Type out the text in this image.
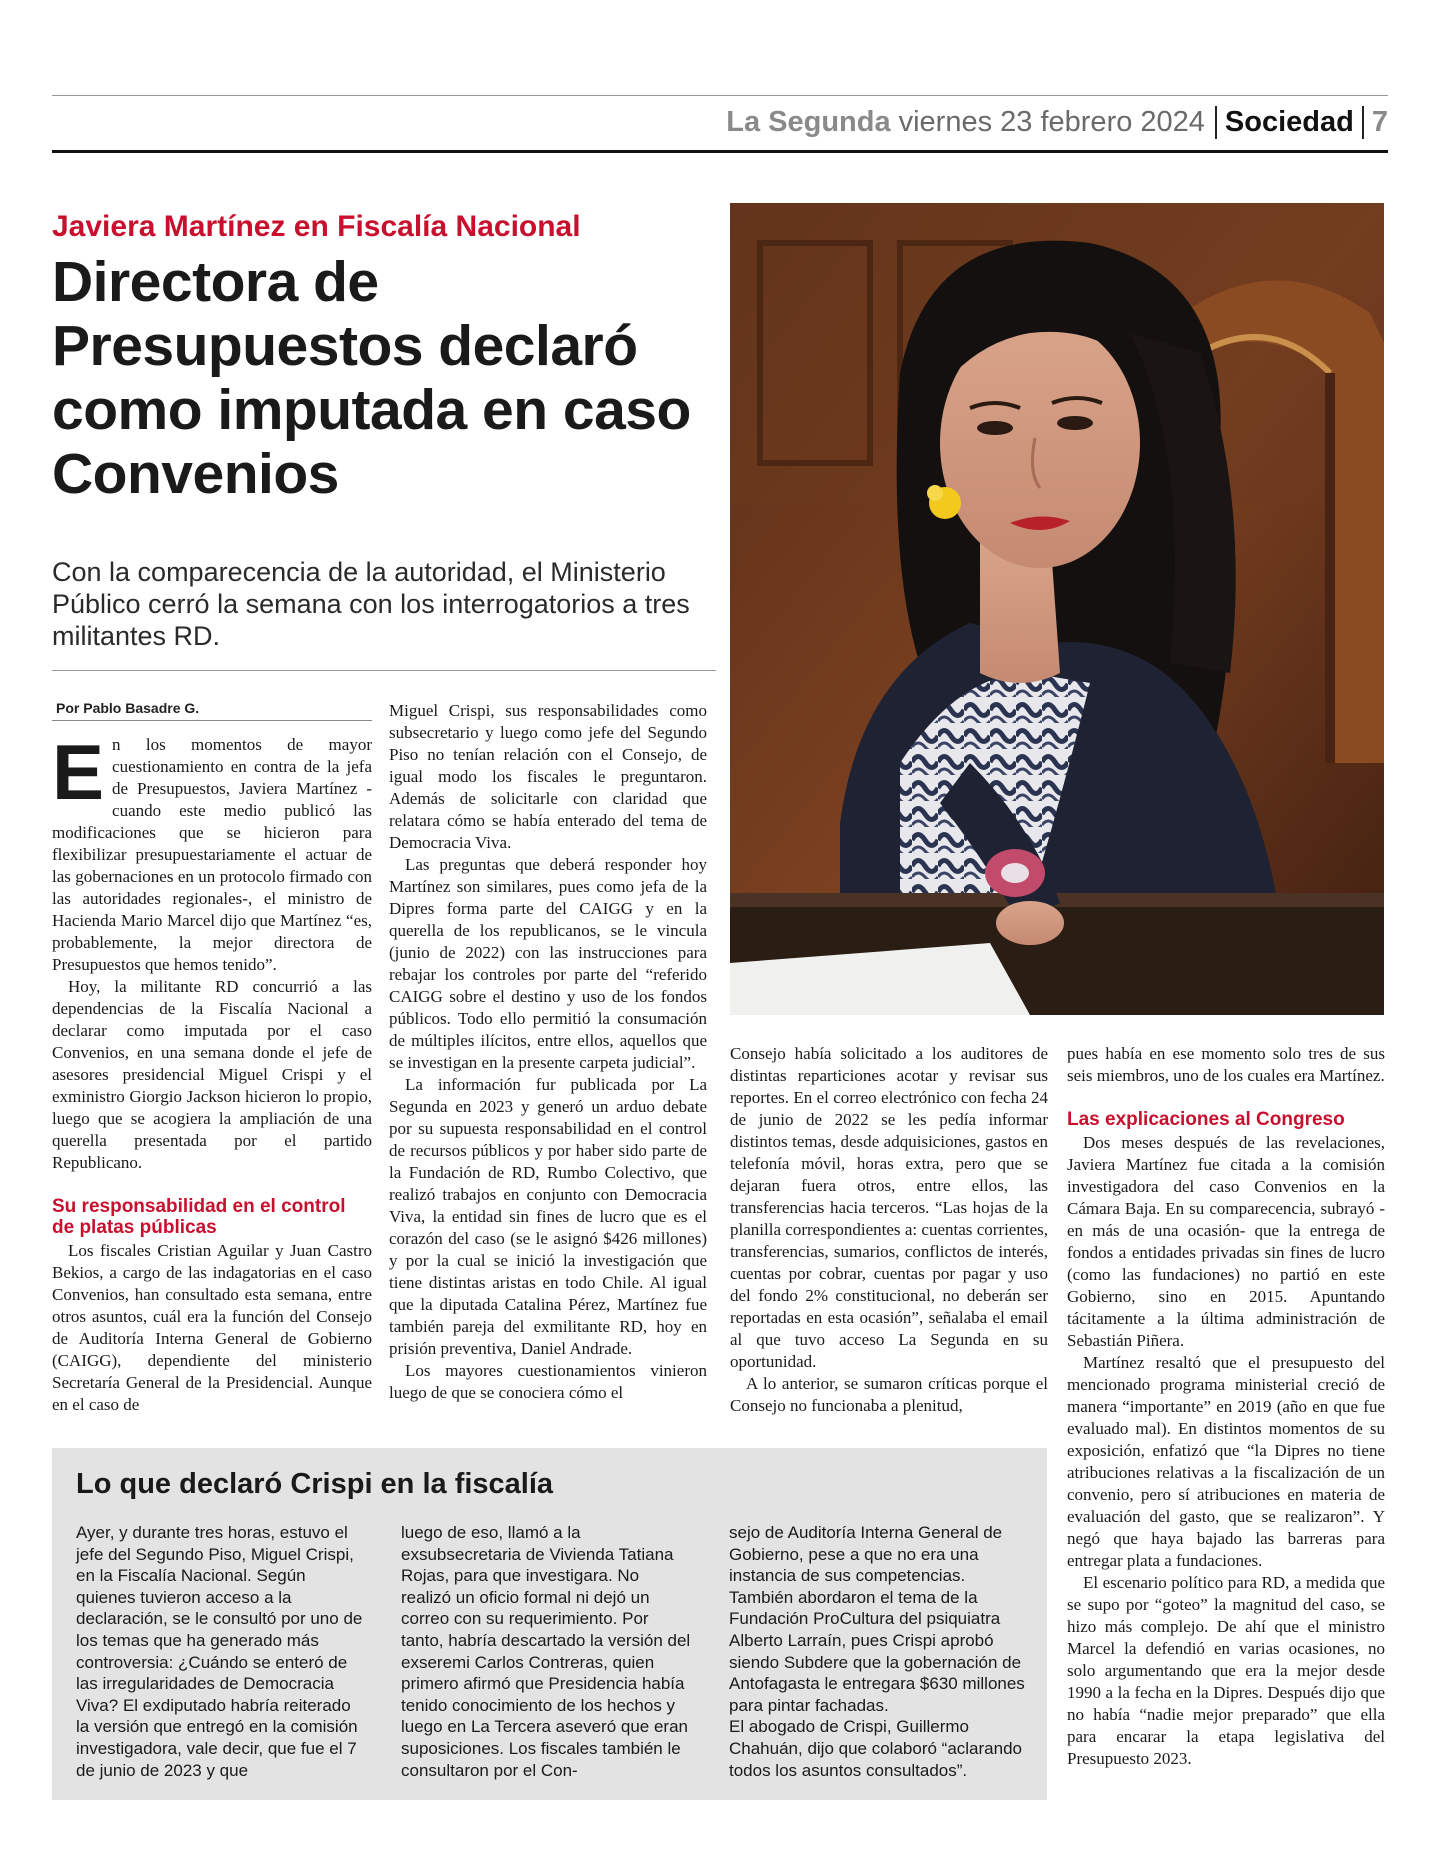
La Segunda viernes 23 febrero 2024 Sociedad 7
Javiera Martínez en Fiscalía Nacional
Directora de Presupuestos declaró como imputada en caso Convenios
Con la comparecencia de la autoridad, el Ministerio Público cerró la semana con los interrogatorios a tres militantes RD.
Por Pablo Basadre G.

En los momentos de mayor cuestionamiento en contra de la jefa de Presupuestos, Javiera Martínez -cuando este medio publicó las modificaciones que se hicieron para flexibilizar presupuestariamente el actuar de las gobernaciones en un protocolo firmado con las autoridades regionales-, el ministro de Hacienda Mario Marcel dijo que Martínez “es, probablemente, la mejor directora de Presupuestos que hemos tenido”.

Hoy, la militante RD concurrió a las dependencias de la Fiscalía Nacional a declarar como imputada por el caso Convenios, en una semana donde el jefe de asesores presidencial Miguel Crispi y el exministro Giorgio Jackson hicieron lo propio, luego que se acogiera la ampliación de una querella presentada por el partido Republicano.

Su responsabilidad en el control de platas públicas

Los fiscales Cristian Aguilar y Juan Castro Bekios, a cargo de las indagatorias en el caso Convenios, han consultado esta semana, entre otros asuntos, cuál era la función del Consejo de Auditoría Interna General de Gobierno (CAIGG), dependiente del ministerio Secretaría General de la Presidencial. Aunque en el caso de

Miguel Crispi, sus responsabilidades como subsecretario y luego como jefe del Segundo Piso no tenían relación con el Consejo, de igual modo los fiscales le preguntaron. Además de solicitarle con claridad que relatara cómo se había enterado del tema de Democracia Viva.

Las preguntas que deberá responder hoy Martínez son similares, pues como jefa de la Dipres forma parte del CAIGG y en la querella de los republicanos, se le vincula (junio de 2022) con las instrucciones para rebajar los controles por parte del “referido CAIGG sobre el destino y uso de los fondos públicos. Todo ello permitió la consumación de múltiples ilícitos, entre ellos, aquellos que se investigan en la presente carpeta judicial”.

La información fur publicada por La Segunda en 2023 y generó un arduo debate por su supuesta responsabilidad en el control de recursos públicos y por haber sido parte de la Fundación de RD, Rumbo Colectivo, que realizó trabajos en conjunto con Democracia Viva, la entidad sin fines de lucro que es el corazón del caso (se le asignó $426 millones) y por la cual se inició la investigación que tiene distintas aristas en todo Chile. Al igual que la diputada Catalina Pérez, Martínez fue también pareja del exmilitante RD, hoy en prisión preventiva, Daniel Andrade.

Los mayores cuestionamientos vinieron luego de que se conociera cómo el

Consejo había solicitado a los auditores de distintas reparticiones acotar y revisar sus reportes. En el correo electrónico con fecha 24 de junio de 2022 se les pedía informar distintos temas, desde adquisiciones, gastos en telefonía móvil, horas extra, pero que se dejaran fuera otros, entre ellos, las transferencias hacia terceros. “Las hojas de la planilla correspondientes a: cuentas corrientes, transferencias, sumarios, conflictos de interés, cuentas por cobrar, cuentas por pagar y uso del fondo 2% constitucional, no deberán ser reportadas en esta ocasión”, señalaba el email al que tuvo acceso La Segunda en su oportunidad.

A lo anterior, se sumaron críticas porque el Consejo no funcionaba a plenitud,

pues había en ese momento solo tres de sus seis miembros, uno de los cuales era Martínez.

Las explicaciones al Congreso

Dos meses después de las revelaciones, Javiera Martínez fue citada a la comisión investigadora del caso Convenios en la Cámara Baja. En su comparecencia, subrayó -en más de una ocasión- que la entrega de fondos a entidades privadas sin fines de lucro (como las fundaciones) no partió en este Gobierno, sino en 2015. Apuntando tácitamente a la última administración de Sebastián Piñera.

Martínez resaltó que el presupuesto del mencionado programa ministerial creció de manera “importante” en 2019 (año en que fue evaluado mal). En distintos momentos de su exposición, enfatizó que “la Dipres no tiene atribuciones relativas a la fiscalización de un convenio, pero sí atribuciones en materia de evaluación del gasto, que se realizaron”. Y negó que haya bajado las barreras para entregar plata a fundaciones.

El escenario político para RD, a medida que se supo por “goteo” la magnitud del caso, se hizo más complejo. De ahí que el ministro Marcel la defendió en varias ocasiones, no solo argumentando que era la mejor desde 1990 a la fecha en la Dipres. Después dijo que no había “nadie mejor preparado” que ella para encarar la etapa legislativa del Presupuesto 2023.

Lo que declaró Crispi en la fiscalía

Ayer, y durante tres horas, estuvo el jefe del Segundo Piso, Miguel Crispi, en la Fiscalía Nacional. Según quienes tuvieron acceso a la declaración, se le consultó por uno de los temas que ha generado más controversia: ¿Cuándo se enteró de las irregularidades de Democracia Viva? El exdiputado habría reiterado la versión que entregó en la comisión investigadora, vale decir, que fue el 7 de junio de 2023 y que

luego de eso, llamó a la exsubsecretaria de Vivienda Tatiana Rojas, para que investigara. No realizó un oficio formal ni dejó un correo con su requerimiento. Por tanto, habría descartado la versión del exseremi Carlos Contreras, quien primero afirmó que Presidencia había tenido conocimiento de los hechos y luego en La Tercera aseveró que eran suposiciones. Los fiscales también le consultaron por el Con-

sejo de Auditoría Interna General de Gobierno, pese a que no era una instancia de sus competencias. También abordaron el tema de la Fundación ProCultura del psiquiatra Alberto Larraín, pues Crispi aprobó siendo Subdere que la gobernación de Antofagasta le entregara $630 millones para pintar fachadas.

El abogado de Crispi, Guillermo Chahuán, dijo que colaboró “aclarando todos los asuntos consultados”.
